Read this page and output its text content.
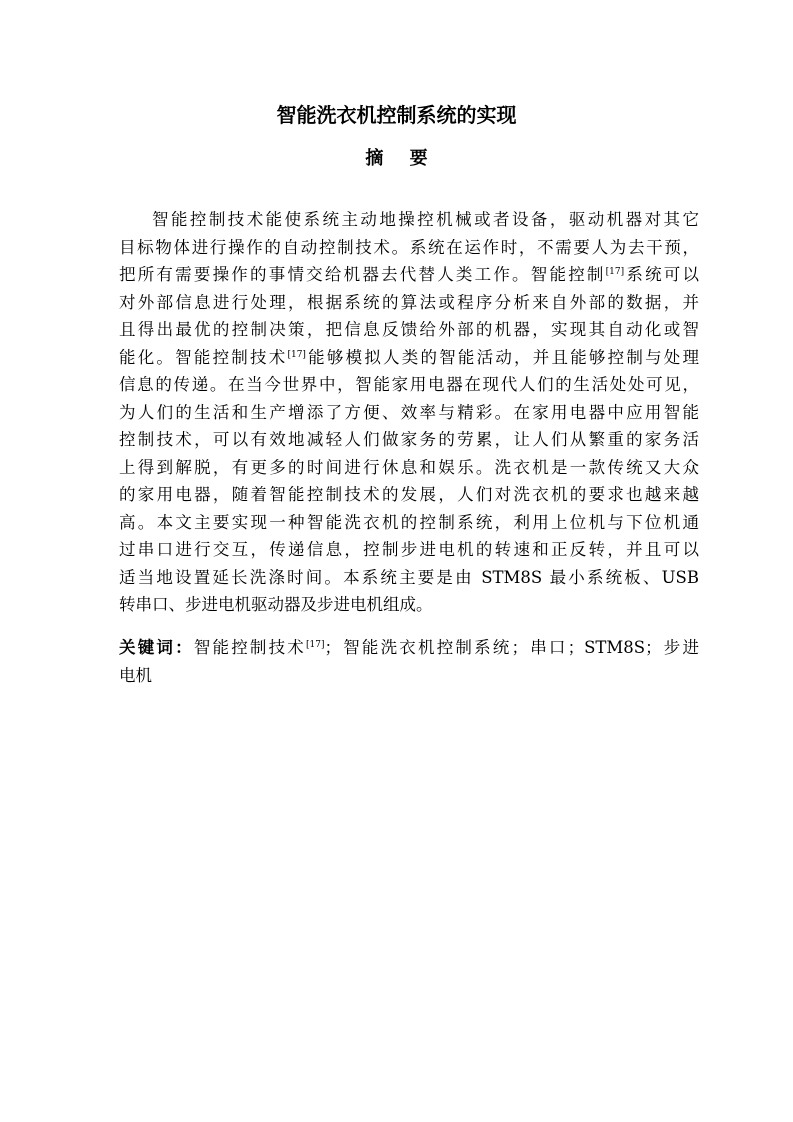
智能洗衣机控制系统的实现
摘 要
智能控制技术能使系统主动地操控机械或者设备，驱动机器对其它
目标物体进行操作的自动控制技术。系统在运作时，不需要人为去干预，
把所有需要操作的事情交给机器去代替人类工作。智能控制[17]系统可以
对外部信息进行处理，根据系统的算法或程序分析来自外部的数据，并
且得出最优的控制决策，把信息反馈给外部的机器，实现其自动化或智
能化。智能控制技术[17]能够模拟人类的智能活动，并且能够控制与处理
信息的传递。在当今世界中，智能家用电器在现代人们的生活处处可见，
为人们的生活和生产增添了方便、效率与精彩。在家用电器中应用智能
控制技术，可以有效地减轻人们做家务的劳累，让人们从繁重的家务活
上得到解脱，有更多的时间进行休息和娱乐。洗衣机是一款传统又大众
的家用电器，随着智能控制技术的发展，人们对洗衣机的要求也越来越
高。本文主要实现一种智能洗衣机的控制系统，利用上位机与下位机通
过串口进行交互，传递信息，控制步进电机的转速和正反转，并且可以
适当地设置延长洗涤时间。本系统主要是由 STM8S 最小系统板、USB
转串口、步进电机驱动器及步进电机组成。
关键词：智能控制技术[17]；智能洗衣机控制系统；串口；STM8S；步进
电机
